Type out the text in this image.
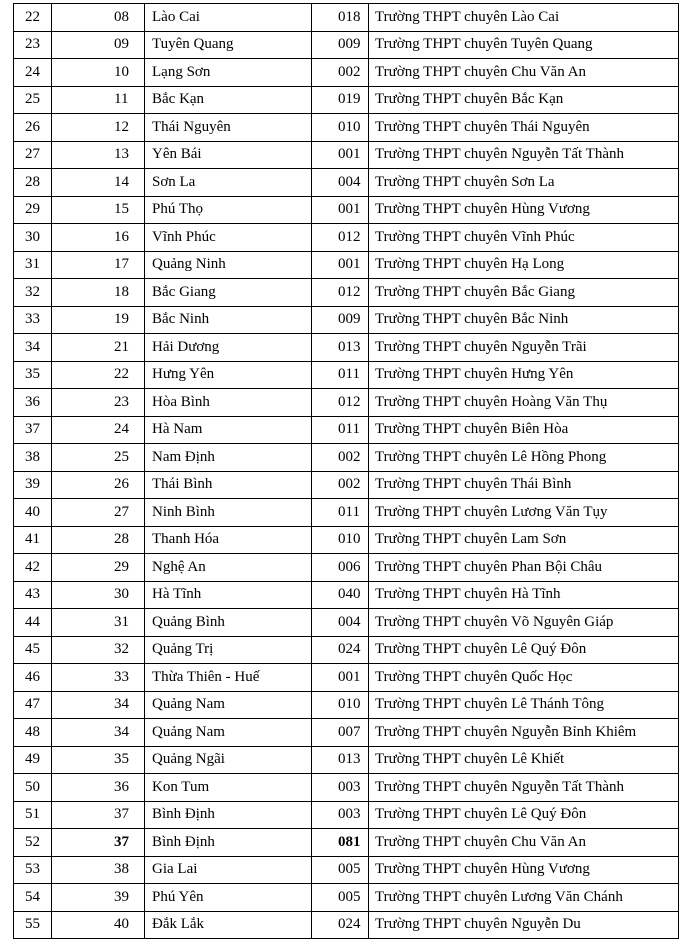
22	08	Lào Cai	018	Trường THPT chuyên Lào Cai
23	09	Tuyên Quang	009	Trường THPT chuyên Tuyên Quang
24	10	Lạng Sơn	002	Trường THPT chuyên Chu Văn An
25	11	Bắc Kạn	019	Trường THPT chuyên Bắc Kạn
26	12	Thái Nguyên	010	Trường THPT chuyên Thái Nguyên
27	13	Yên Bái	001	Trường THPT chuyên Nguyễn Tất Thành
28	14	Sơn La	004	Trường THPT chuyên Sơn La
29	15	Phú Thọ	001	Trường THPT chuyên Hùng Vương
30	16	Vĩnh Phúc	012	Trường THPT chuyên Vĩnh Phúc
31	17	Quảng Ninh	001	Trường THPT chuyên Hạ Long
32	18	Bắc Giang	012	Trường THPT chuyên Bắc Giang
33	19	Bắc Ninh	009	Trường THPT chuyên Bắc Ninh
34	21	Hải Dương	013	Trường THPT chuyên Nguyễn Trãi
35	22	Hưng Yên	011	Trường THPT chuyên Hưng Yên
36	23	Hòa Bình	012	Trường THPT chuyên Hoàng Văn Thụ
37	24	Hà Nam	011	Trường THPT chuyên Biên Hòa
38	25	Nam Định	002	Trường THPT chuyên Lê Hồng Phong
39	26	Thái Bình	002	Trường THPT chuyên Thái Bình
40	27	Ninh Bình	011	Trường THPT chuyên Lương Văn Tụy
41	28	Thanh Hóa	010	Trường THPT chuyên Lam Sơn
42	29	Nghệ An	006	Trường THPT chuyên Phan Bội Châu
43	30	Hà Tĩnh	040	Trường THPT chuyên Hà Tĩnh
44	31	Quảng Bình	004	Trường THPT chuyên Võ Nguyên Giáp
45	32	Quảng Trị	024	Trường THPT chuyên Lê Quý Đôn
46	33	Thừa Thiên - Huế	001	Trường THPT chuyên Quốc Học
47	34	Quảng Nam	010	Trường THPT chuyên Lê Thánh Tông
48	34	Quảng Nam	007	Trường THPT chuyên Nguyễn Bỉnh Khiêm
49	35	Quảng Ngãi	013	Trường THPT chuyên Lê Khiết
50	36	Kon Tum	003	Trường THPT chuyên Nguyễn Tất Thành
51	37	Bình Định	003	Trường THPT chuyên Lê Quý Đôn
52	37	Bình Định	081	Trường THPT chuyên Chu Văn An
53	38	Gia Lai	005	Trường THPT chuyên Hùng Vương
54	39	Phú Yên	005	Trường THPT chuyên Lương Văn Chánh
55	40	Đắk Lắk	024	Trường THPT chuyên Nguyễn Du
